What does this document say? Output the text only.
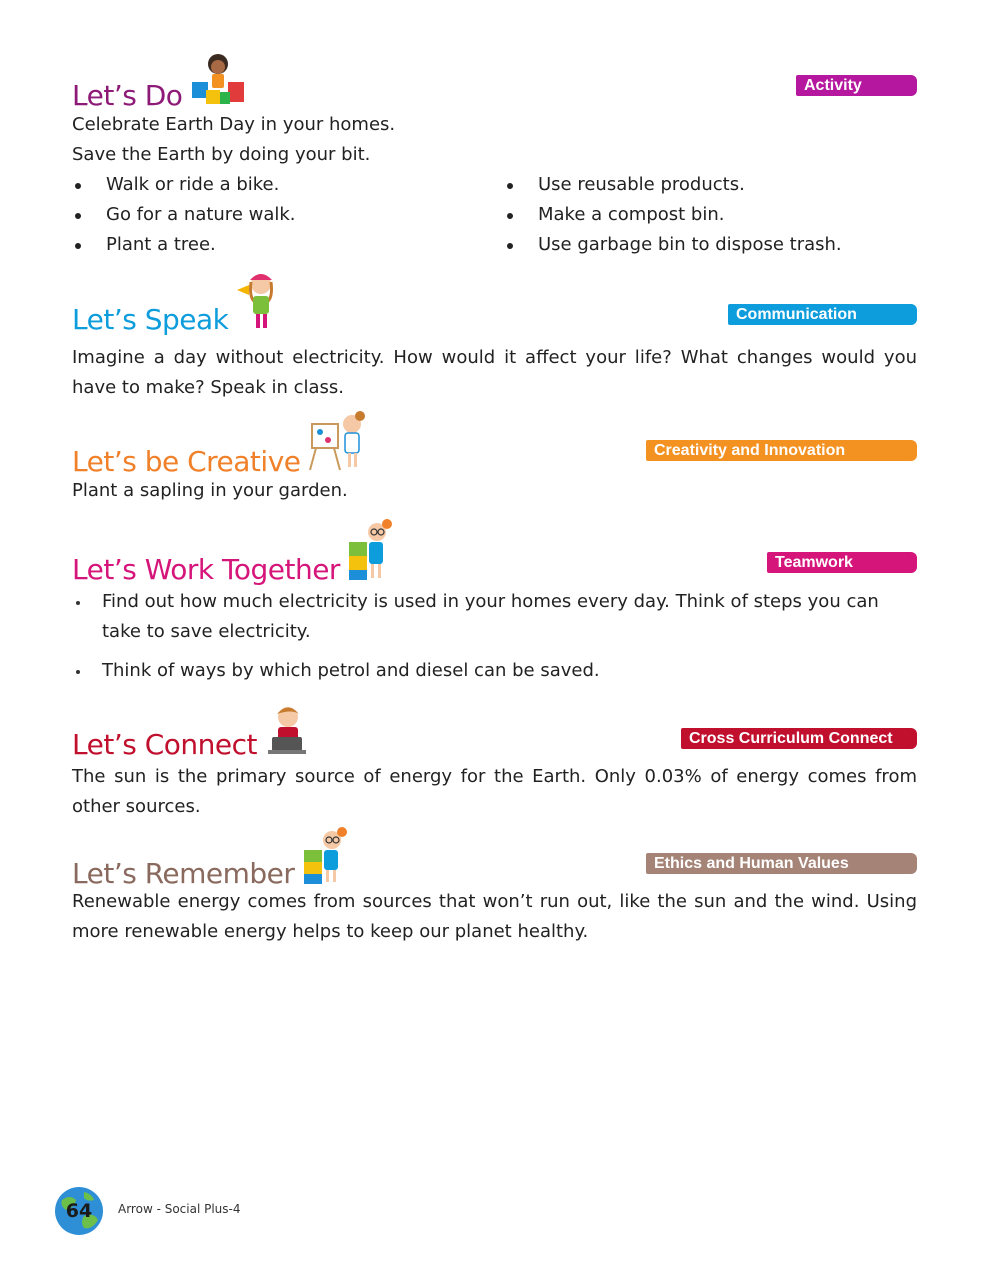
Let’s Do	Activity

Celebrate Earth Day in your homes.

Save the Earth by doing your bit.

Walk or ride a bike.
Go for a nature walk.
Plant a tree.
Use reusable products.
Make a compost bin.
Use garbage bin to dispose trash.
Let’s Speak	Communication

Imagine a day without electricity. How would it affect your life? What changes would you have to make? Speak in class.

Let’s be Creative	Creativity and Innovation

Plant a sapling in your garden.

Let’s Work Together	Teamwork
Find out how much electricity is used in your homes every day. Think of steps you can take to save electricity.
Think of ways by which petrol and diesel can be saved.
Let’s Connect	Cross Curriculum Connect

The sun is the primary source of energy for the Earth. Only 0.03% of energy comes from other sources.

Let’s Remember	Ethics and Human Values

Renewable energy comes from sources that won’t run out, like the sun and the wind. Using more renewable energy helps to keep our planet healthy.

64	Arrow - Social Plus-4
